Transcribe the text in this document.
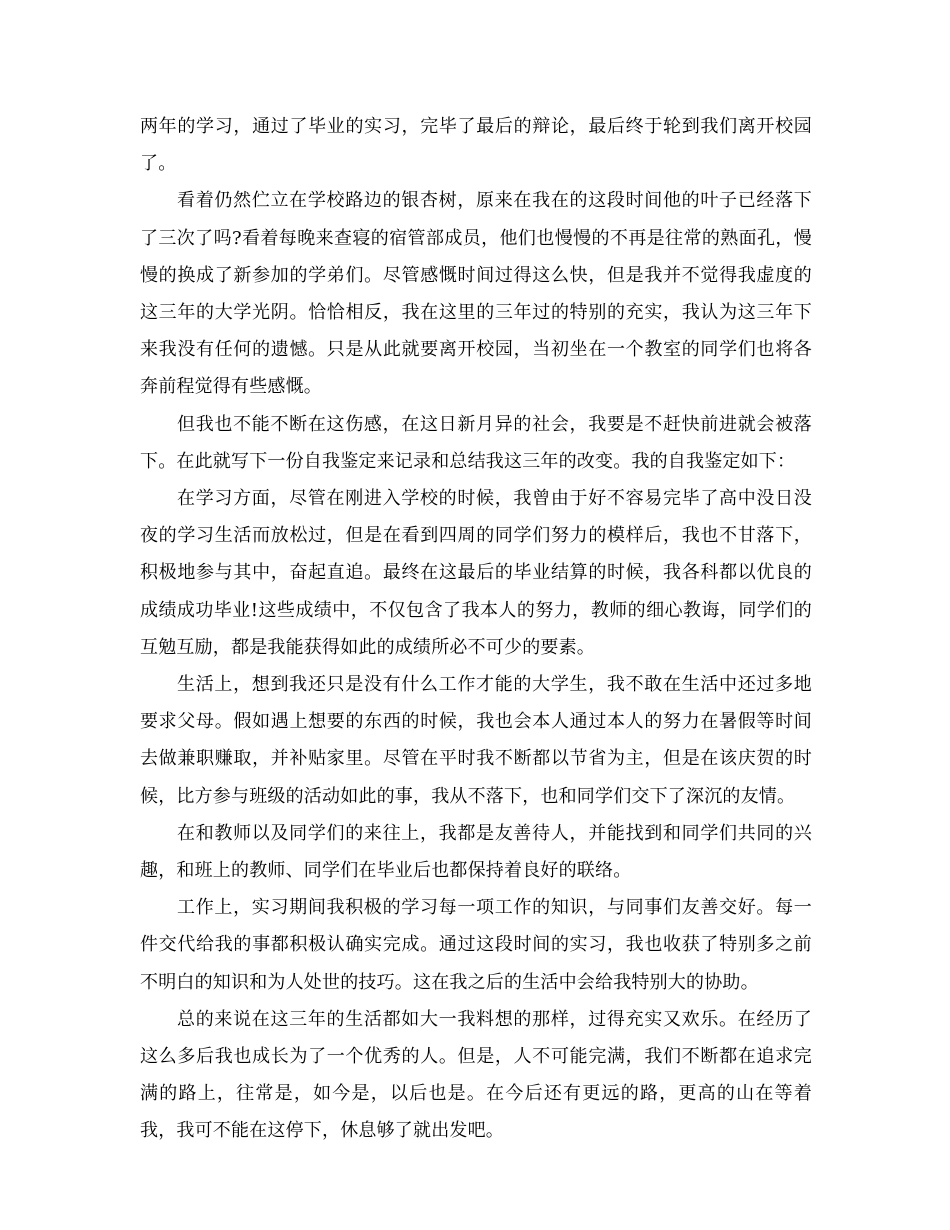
两年的学习，通过了毕业的实习，完毕了最后的辩论，最后终于轮到我们离开校园了。

看着仍然伫立在学校路边的银杏树，原来在我在的这段时间他的叶子已经落下了三次了吗?看着每晚来查寝的宿管部成员，他们也慢慢的不再是往常的熟面孔，慢慢的换成了新参加的学弟们。尽管感慨时间过得这么快，但是我并不觉得我虚度的这三年的大学光阴。恰恰相反，我在这里的三年过的特别的充实，我认为这三年下来我没有任何的遗憾。只是从此就要离开校园，当初坐在一个教室的同学们也将各奔前程觉得有些感慨。

但我也不能不断在这伤感，在这日新月异的社会，我要是不赶快前进就会被落下。在此就写下一份自我鉴定来记录和总结我这三年的改变。我的自我鉴定如下：

在学习方面，尽管在刚进入学校的时候，我曾由于好不容易完毕了高中没日没夜的学习生活而放松过，但是在看到四周的同学们努力的模样后，我也不甘落下，积极地参与其中，奋起直追。最终在这最后的毕业结算的时候，我各科都以优良的成绩成功毕业!这些成绩中，不仅包含了我本人的努力，教师的细心教诲，同学们的互勉互励，都是我能获得如此的成绩所必不可少的要素。

生活上，想到我还只是没有什么工作才能的大学生，我不敢在生活中还过多地要求父母。假如遇上想要的东西的时候，我也会本人通过本人的努力在暑假等时间去做兼职赚取，并补贴家里。尽管在平时我不断都以节省为主，但是在该庆贺的时候，比方参与班级的活动如此的事，我从不落下，也和同学们交下了深沉的友情。

在和教师以及同学们的来往上，我都是友善待人，并能找到和同学们共同的兴趣，和班上的教师、同学们在毕业后也都保持着良好的联络。

工作上，实习期间我积极的学习每一项工作的知识，与同事们友善交好。每一件交代给我的事都积极认确实完成。通过这段时间的实习，我也收获了特别多之前不明白的知识和为人处世的技巧。这在我之后的生活中会给我特别大的协助。

总的来说在这三年的生活都如大一我料想的那样，过得充实又欢乐。在经历了这么多后我也成长为了一个优秀的人。但是，人不可能完满，我们不断都在追求完满的路上，往常是，如今是，以后也是。在今后还有更远的路，更高的山在等着我，我可不能在这停下，休息够了就出发吧。
